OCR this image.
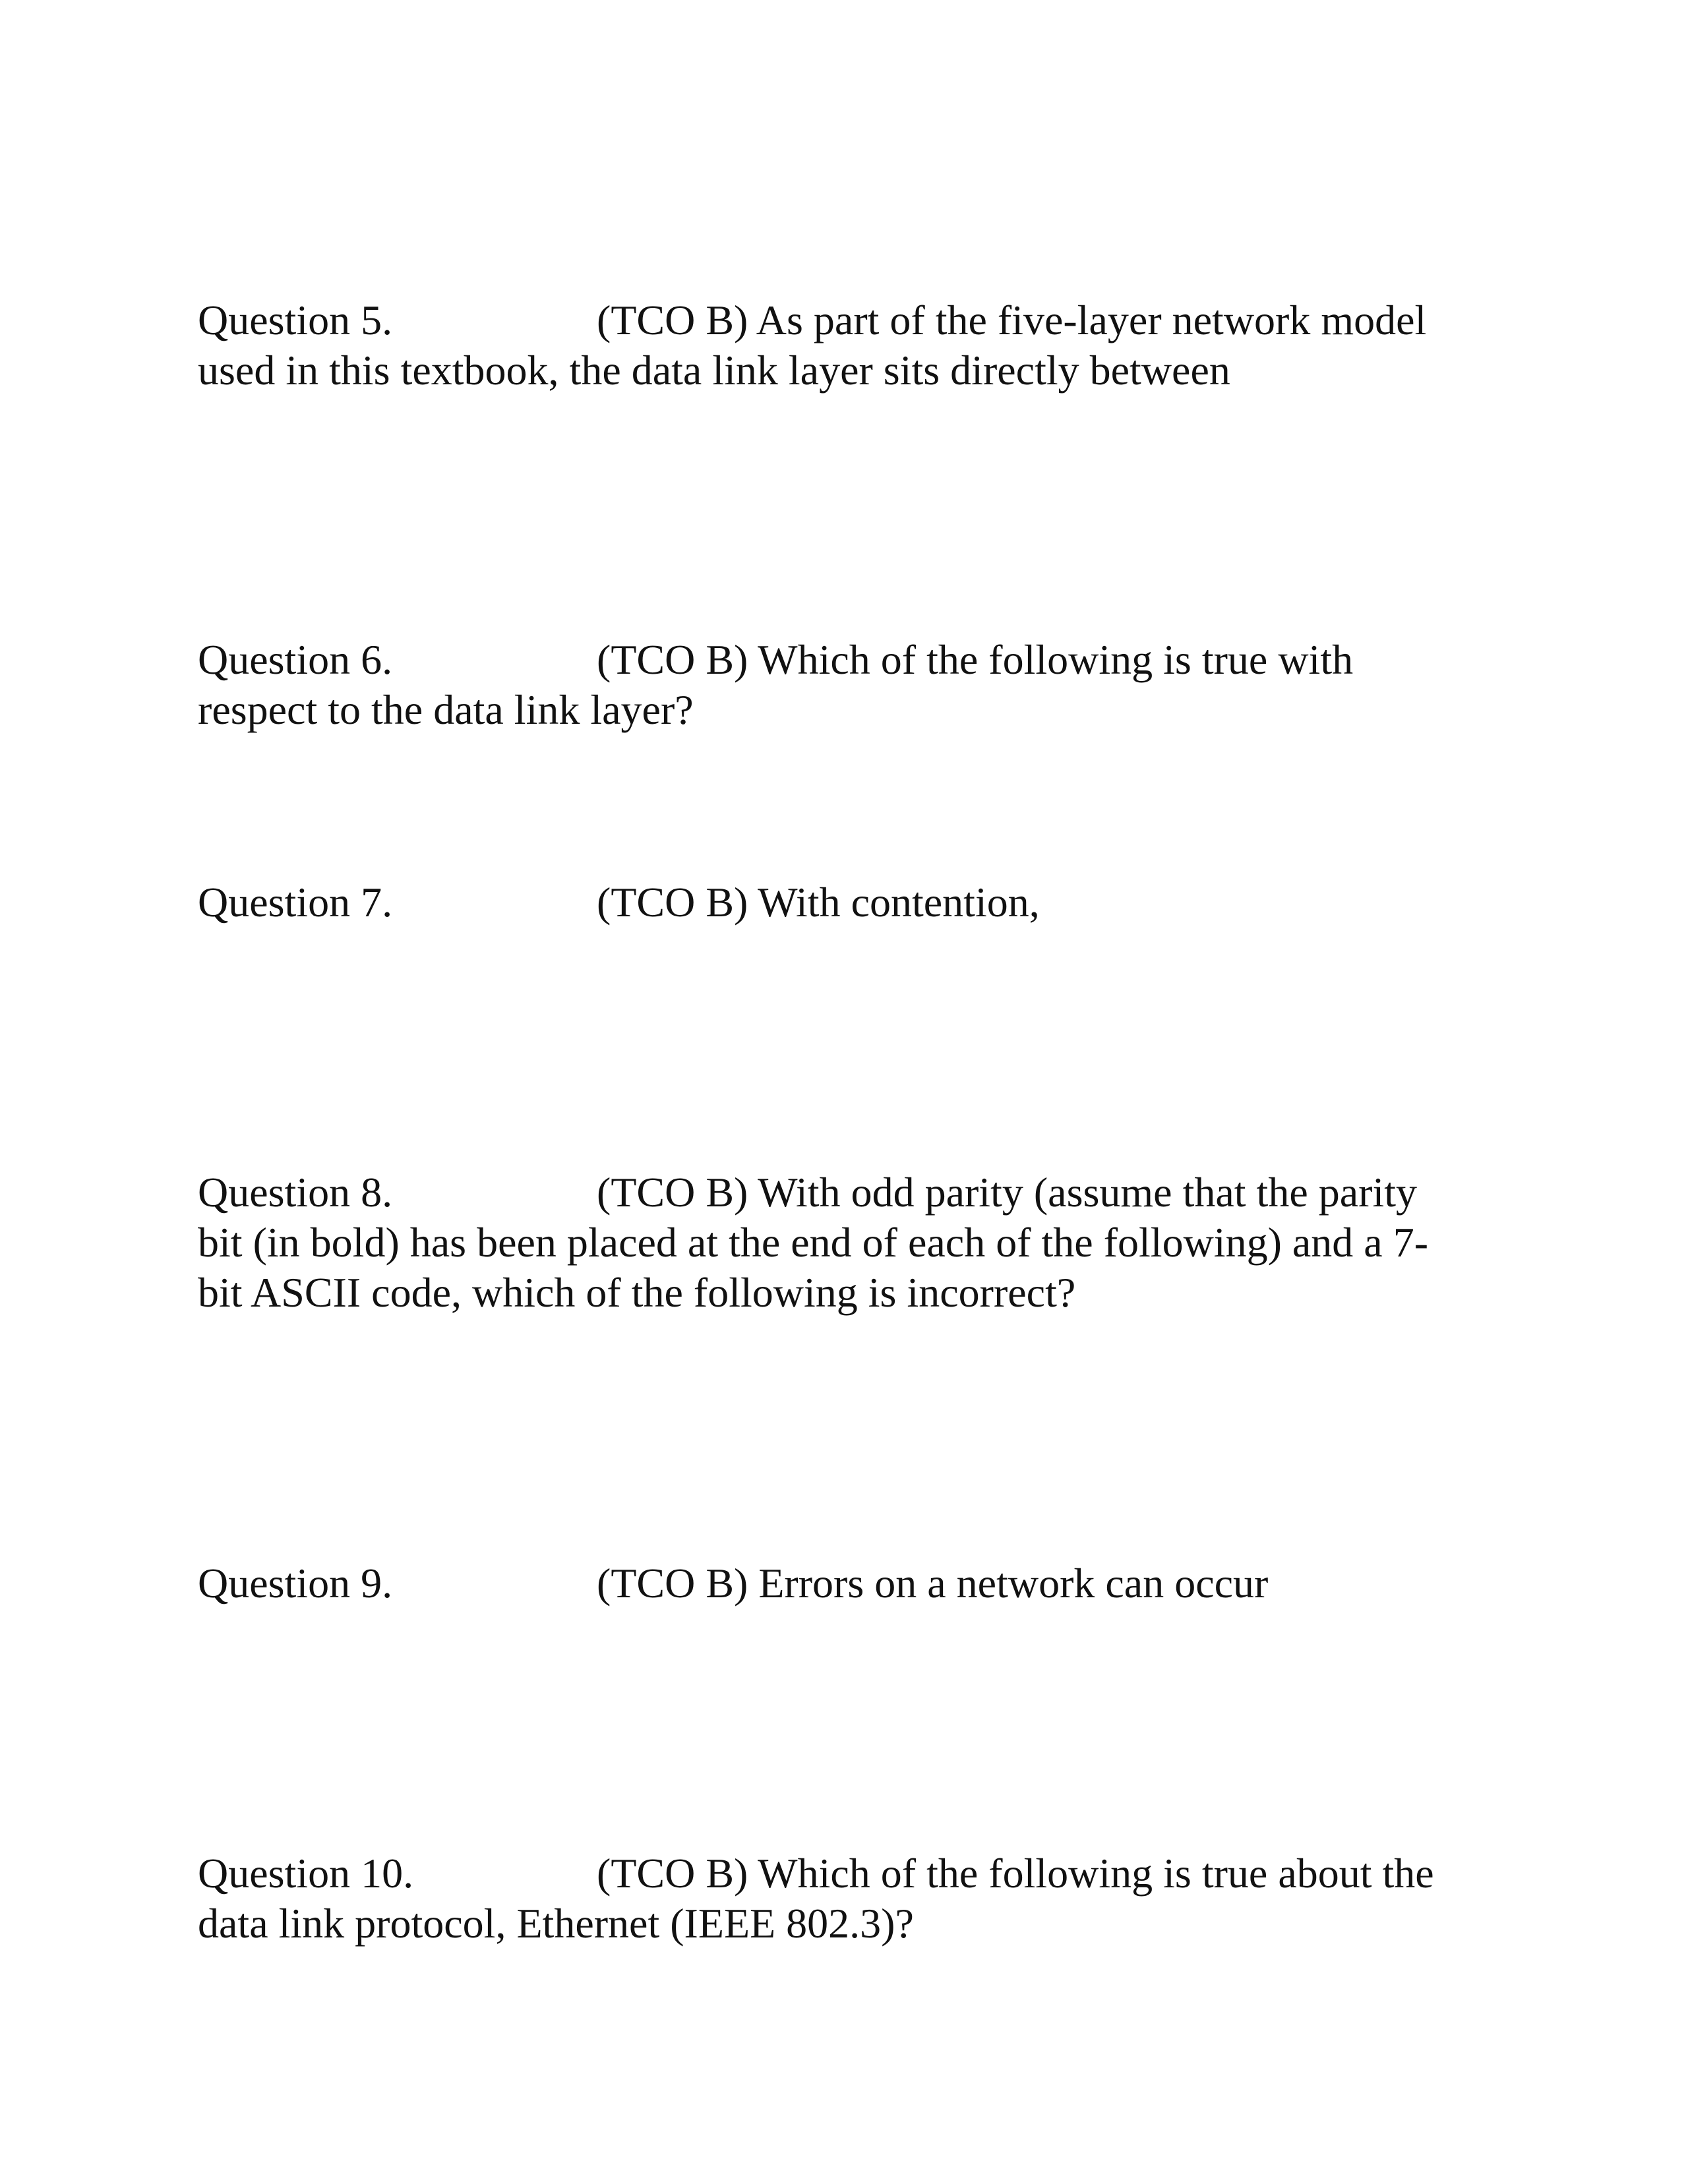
Question 5.	(TCO B) As part of the five-layer network model
used in this textbook, the data link layer sits directly between
Question 6.	(TCO B) Which of the following is true with
respect to the data link layer?
Question 7.	(TCO B) With contention,
Question 8.	(TCO B) With odd parity (assume that the parity
bit (in bold) has been placed at the end of each of the following) and a 7-
bit ASCII code, which of the following is incorrect?
Question 9.	(TCO B) Errors on a network can occur
Question 10.	(TCO B) Which of the following is true about the
data link protocol, Ethernet (IEEE 802.3)?
